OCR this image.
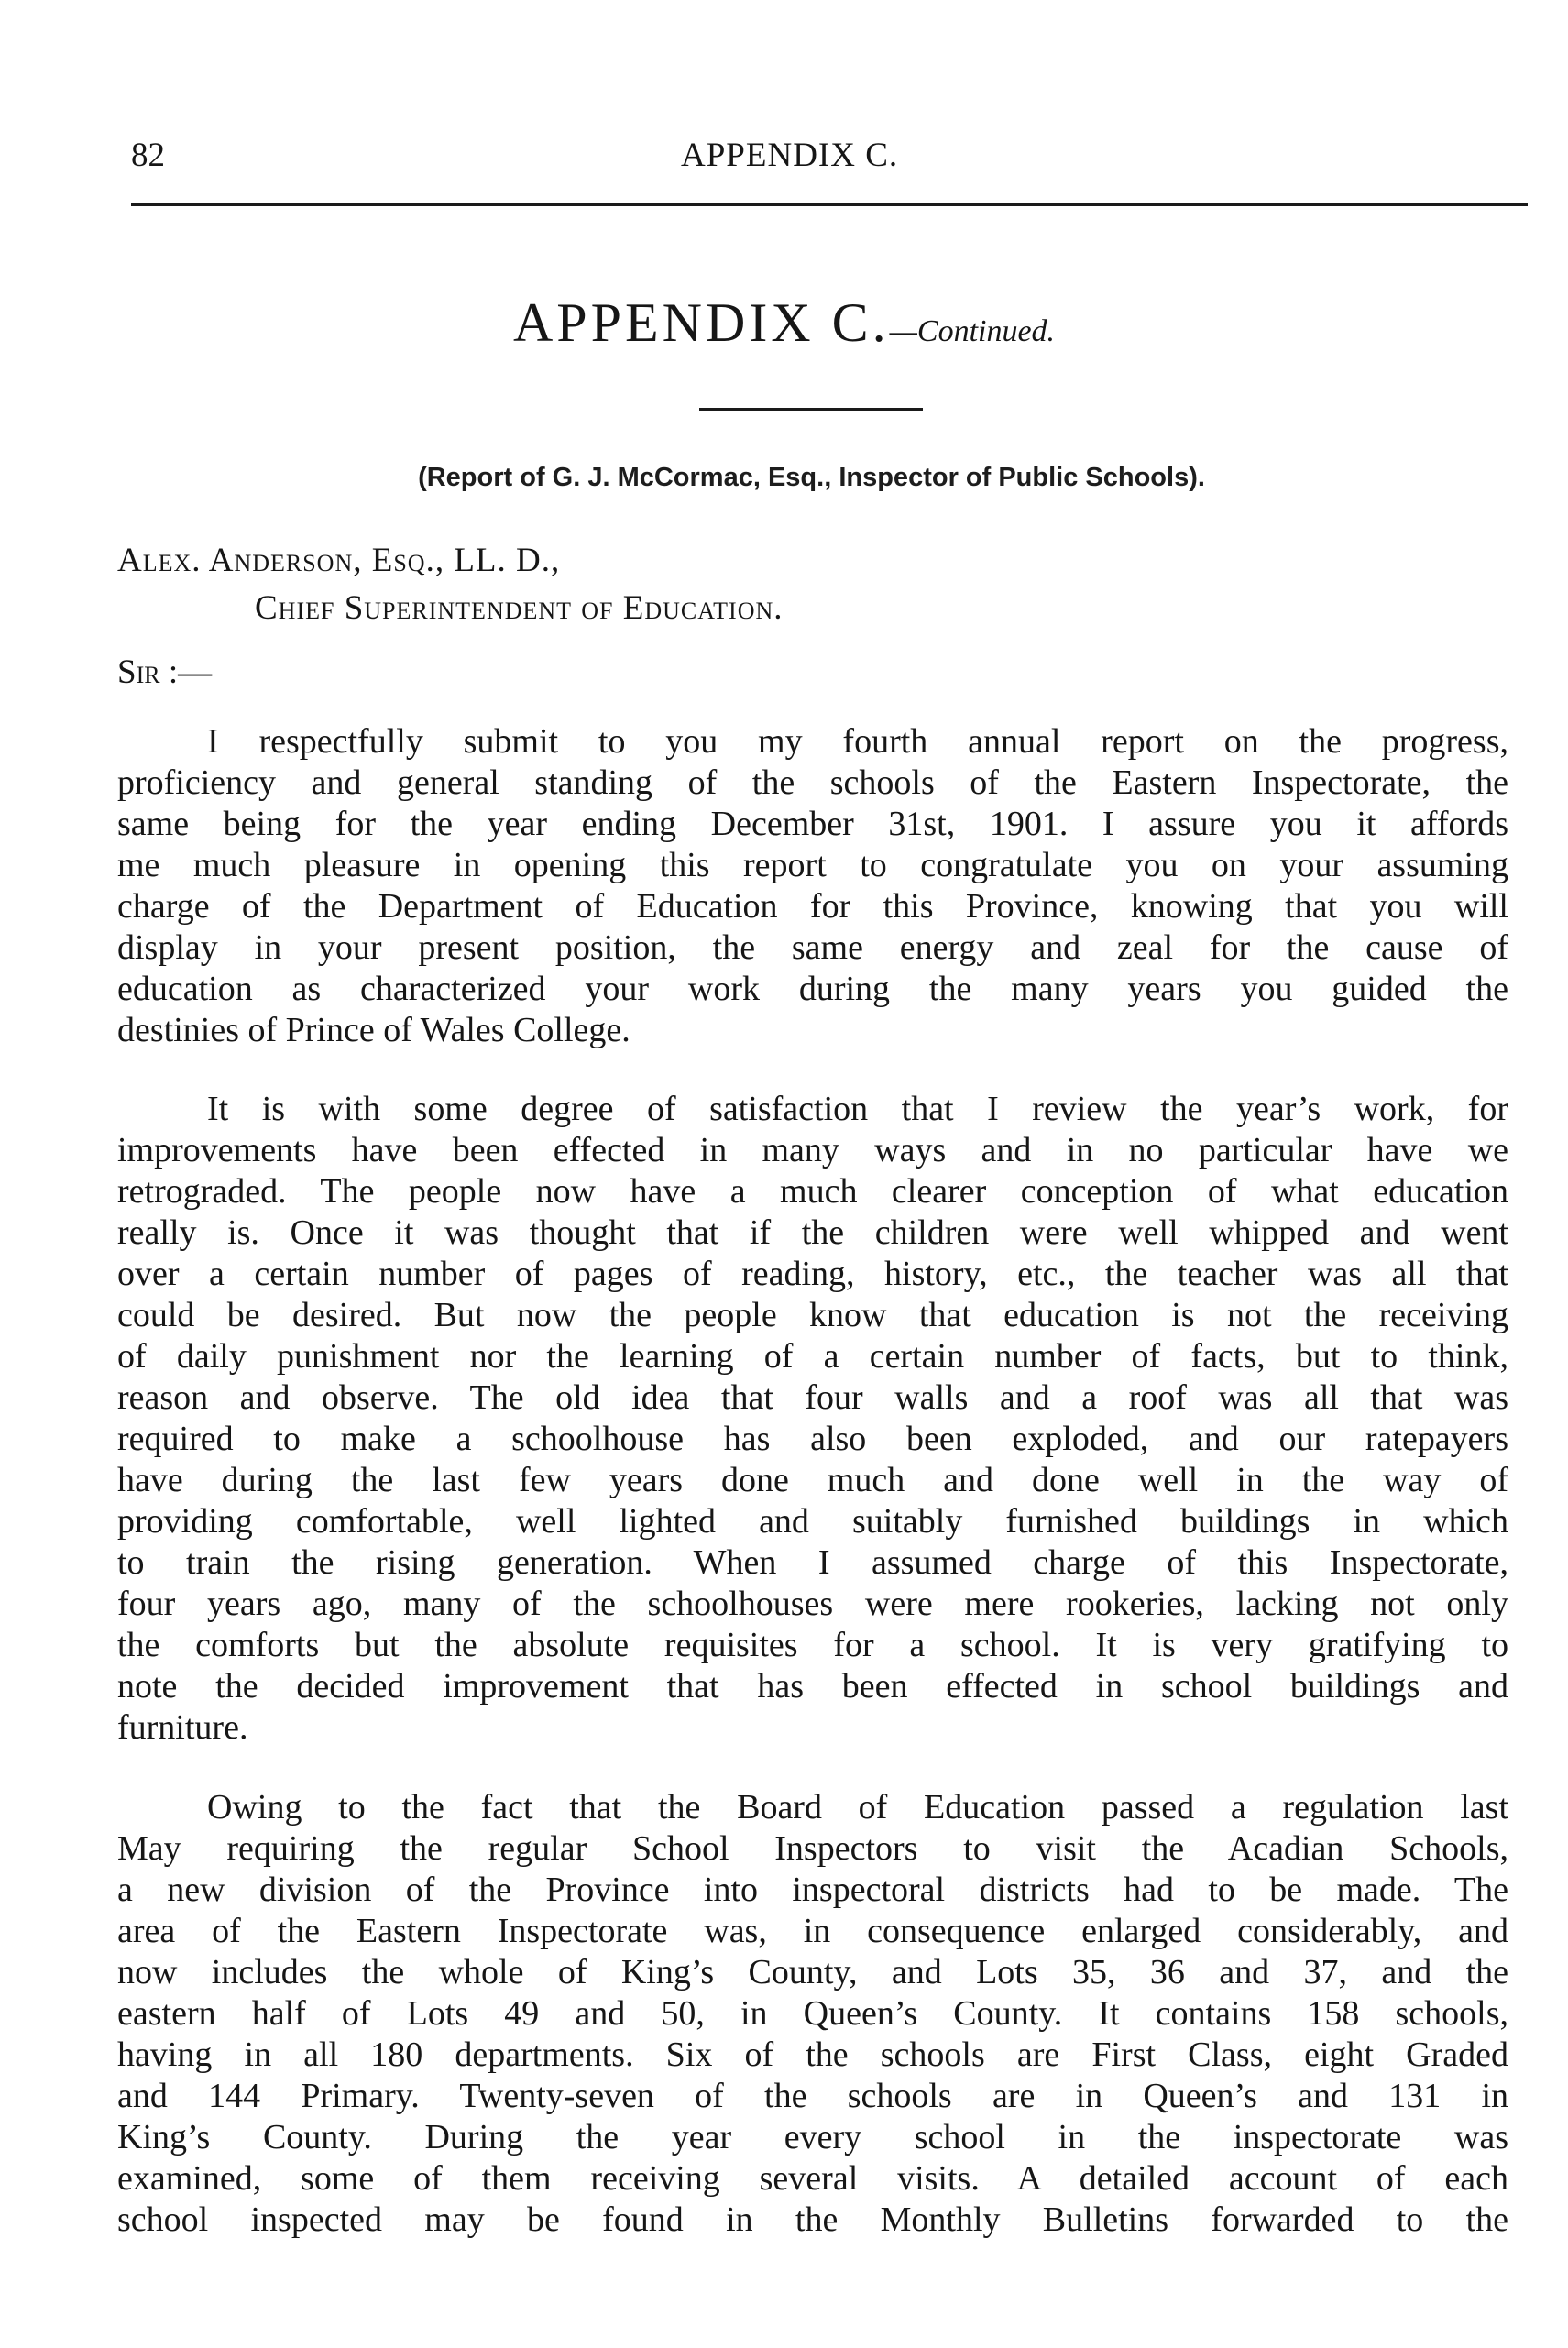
82	APPENDIX C.
APPENDIX C.—Continued.
(Report of G. J. McCormac, Esq., Inspector of Public Schools).
Alex. Anderson, Esq., LL. D.,
Chief Superintendent of Education.
Sir :—
I respectfully submit to you my fourth annual report on the progress,
proficiency and general standing of the schools of the Eastern Inspectorate, the
same being for the year ending December 31st, 1901. I assure you it affords
me much pleasure in opening this report to congratulate you on your assuming
charge of the Department of Education for this Province, knowing that you will
display in your present position, the same energy and zeal for the cause of
education as characterized your work during the many years you guided the
destinies of Prince of Wales College.
It is with some degree of satisfaction that I review the year’s work, for
improvements have been effected in many ways and in no particular have we
retrograded. The people now have a much clearer conception of what education
really is. Once it was thought that if the children were well whipped and went
over a certain number of pages of reading, history, etc., the teacher was all that
could be desired. But now the people know that education is not the receiving
of daily punishment nor the learning of a certain number of facts, but to think,
reason and observe. The old idea that four walls and a roof was all that was
required to make a schoolhouse has also been exploded, and our ratepayers
have during the last few years done much and done well in the way of
providing comfortable, well lighted and suitably furnished buildings in which
to train the rising generation. When I assumed charge of this Inspectorate,
four years ago, many of the schoolhouses were mere rookeries, lacking not only
the comforts but the absolute requisites for a school. It is very gratifying to
note the decided improvement that has been effected in school buildings and
furniture.
Owing to the fact that the Board of Education passed a regulation last
May requiring the regular School Inspectors to visit the Acadian Schools,
a new division of the Province into inspectoral districts had to be made. The
area of the Eastern Inspectorate was, in consequence enlarged considerably, and
now includes the whole of King’s County, and Lots 35, 36 and 37, and the
eastern half of Lots 49 and 50, in Queen’s County. It contains 158 schools,
having in all 180 departments. Six of the schools are First Class, eight Graded
and 144 Primary. Twenty-seven of the schools are in Queen’s and 131 in
King’s County. During the year every school in the inspectorate was
examined, some of them receiving several visits. A detailed account of each
school inspected may be found in the Monthly Bulletins forwarded to the
